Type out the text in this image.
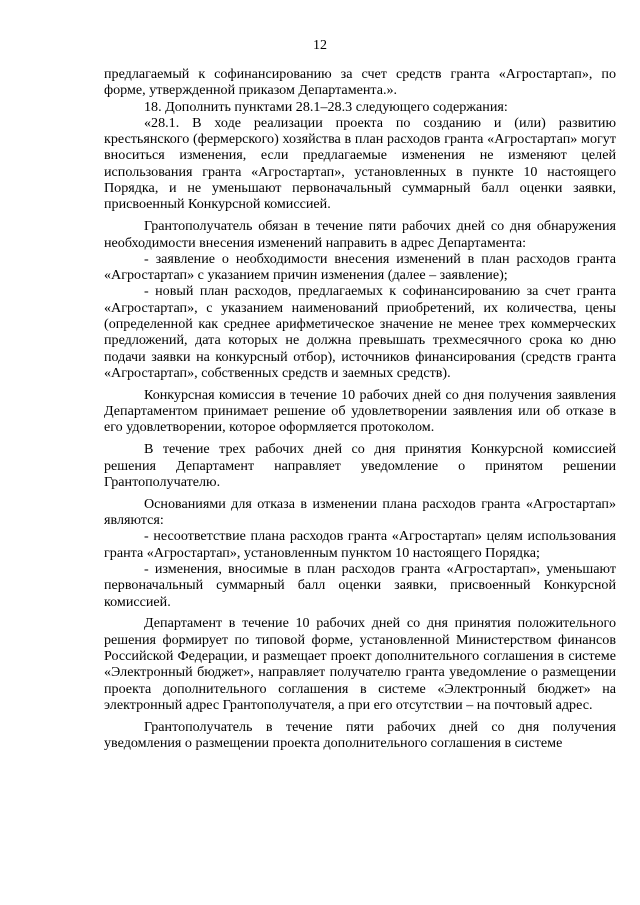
12

предлагаемый к софинансированию за счет средств гранта «Агростартап», по форме, утвержденной приказом Департамента.».

18. Дополнить пунктами 28.1–28.3 следующего содержания:

«28.1. В ходе реализации проекта по созданию и (или) развитию крестьянского (фермерского) хозяйства в план расходов гранта «Агростартап» могут вноситься изменения, если предлагаемые изменения не изменяют целей использования гранта «Агростартап», установленных в пункте 10 настоящего Порядка, и не уменьшают первоначальный суммарный балл оценки заявки, присвоенный Конкурсной комиссией.

Грантополучатель обязан в течение пяти рабочих дней со дня обнаружения необходимости внесения изменений направить в адрес Департамента:

- заявление о необходимости внесения изменений в план расходов гранта «Агростартап» с указанием причин изменения (далее – заявление);

- новый план расходов, предлагаемых к софинансированию за счет гранта «Агростартап», с указанием наименований приобретений, их количества, цены (определенной как среднее арифметическое значение не менее трех коммерческих предложений, дата которых не должна превышать трехмесячного срока ко дню подачи заявки на конкурсный отбор), источников финансирования (средств гранта «Агростартап», собственных средств и заемных средств).

Конкурсная комиссия в течение 10 рабочих дней со дня получения заявления Департаментом принимает решение об удовлетворении заявления или об отказе в его удовлетворении, которое оформляется протоколом.

В течение трех рабочих дней со дня принятия Конкурсной комиссией решения Департамент направляет уведомление о принятом решении Грантополучателю.

Основаниями для отказа в изменении плана расходов гранта «Агростартап» являются:

- несоответствие плана расходов гранта «Агростартап» целям использования гранта «Агростартап», установленным пунктом 10 настоящего Порядка;

- изменения, вносимые в план расходов гранта «Агростартап», уменьшают первоначальный суммарный балл оценки заявки, присвоенный Конкурсной комиссией.

Департамент в течение 10 рабочих дней со дня принятия положительного решения формирует по типовой форме, установленной Министерством финансов Российской Федерации, и размещает проект дополнительного соглашения в системе «Электронный бюджет», направляет получателю гранта уведомление о размещении проекта дополнительного соглашения в системе «Электронный бюджет» на электронный адрес Грантополучателя, а при его отсутствии – на почтовый адрес.

Грантополучатель в течение пяти рабочих дней со дня получения уведомления о размещении проекта дополнительного соглашения в системе
